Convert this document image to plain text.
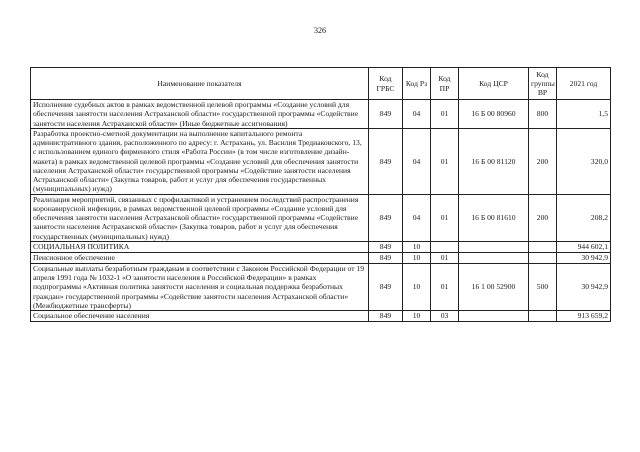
326
Наименование показателя	Код ГРБС	Код Рз	Код ПР	Код ЦСР	Код группы ВР	2021 год
Исполнение судебных актов в рамках ведомственной целевой программы «Создание условий для обеспечения занятости населения Астраханской области» государственной программы «Содействие занятости населения Астраханской области» (Иные бюджетные ассигнования)	849	04	01	16 Б 00 80960	800	1,5
Разработка проектно-сметной документации на выполнение капитального ремонта административного здания, расположенного по адресу: г. Астрахань, ул. Василия Тредиаковского, 13, с использованием единого фирменного стиля «Работа России» (в том числе изготовление дизайн-макета) в рамках ведомственной целевой программы «Создание условий для обеспечения занятости населения Астраханской области» государственной программы «Содействие занятости населения Астраханской области» (Закупка товаров, работ и услуг для обеспечения государственных (муниципальных) нужд)	849	04	01	16 Б 00 81120	200	320,0
Реализация мероприятий, связанных с профилактикой и устранением последствий распространения коронавирусной инфекции, в рамках ведомственной целевой программы «Создание условий для обеспечения занятости населения Астраханской области» государственной программы «Содействие занятости населения Астраханской области» (Закупка товаров, работ и услуг для обеспечения государственных (муниципальных) нужд)	849	04	01	16 Б 00 81610	200	208,2
СОЦИАЛЬНАЯ ПОЛИТИКА	849	10				944 602,1
Пенсионное обеспечение	849	10	01			30 942,9
Социальные выплаты безработным гражданам в соответствии с Законом Российской Федерации от 19 апреля 1991 года № 1032-1 «О занятости населения в Российской Федерации» в рамках подпрограммы «Активная политика занятости населения и социальная поддержка безработных граждан» государственной программы «Содействие занятости населения Астраханской области» (Межбюджетные трансферты)	849	10	01	16 1 00 52900	500	30 942,9
Социальное обеспечение населения	849	10	03			913 659,2
